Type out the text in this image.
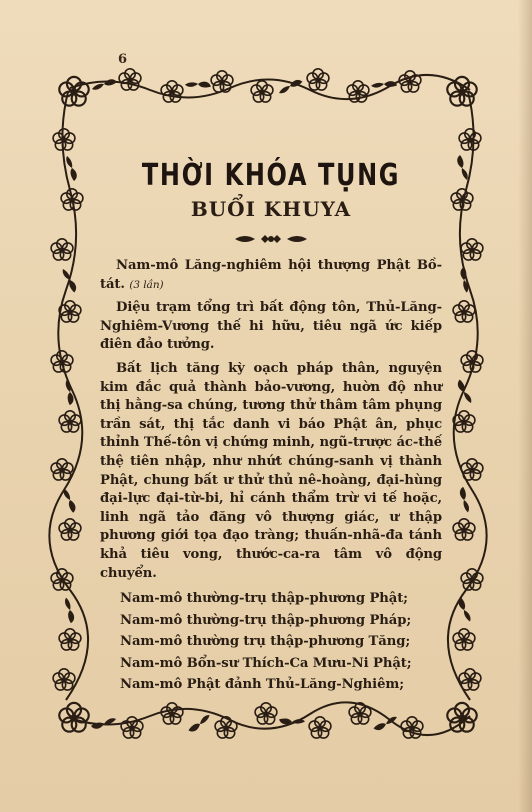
6
THỜI KHÓA TỤNG
BUỔI KHUYA

Nam-mô Lăng-nghiêm hội thượng Phật Bồ-tát. (3 lần)

Diệu trạm tổng trì bất động tôn, Thủ-Lăng-Nghiêm-Vương thế hi hữu, tiêu ngã ức kiếp điên đảo tưởng.

Bất lịch tăng kỳ oạch pháp thân, nguyện kim đắc quả thành bảo-vương, huờn độ như thị hằng-sa chúng, tương thử thâm tâm phụng trần sát, thị tắc danh vi báo Phật ân, phục thỉnh Thế-tôn vị chứng minh, ngũ-trược ác-thế thệ tiên nhập, như nhứt chúng-sanh vị thành Phật, chung bất ư thử thủ nê-hoàng, đại-hùng đại-lực đại-từ-bi, hỉ cánh thẩm trừ vi tế hoặc, linh ngã tảo đăng vô thượng giác, ư thập phương giới tọa đạo tràng; thuấn-nhã-đa tánh khả tiêu vong, thước-ca-ra tâm vô động chuyển.

Nam-mô thường-trụ thập-phương Phật;

Nam-mô thường-trụ thập-phương Pháp;

Nam-mô thường trụ thập-phương Tăng;

Nam-mô Bổn-sư Thích-Ca Mưu-Ni Phật;

Nam-mô Phật đảnh Thủ-Lăng-Nghiêm;
